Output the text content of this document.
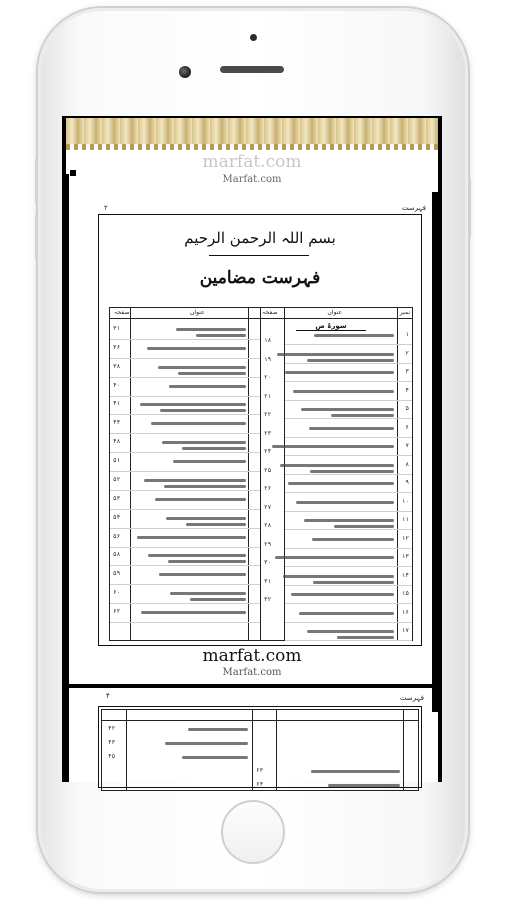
marfat.com
Marfat.com
فہرست
۲
بسم اللہ الرحمن الرحیم
فہرست مضامین
نمبر
عنوان
صفحہ
عنوان
صفحہ
سورۃ ص
۱
۲
۳
۴
۵
۶
۷
۸
۹
۱۰
۱۱
۱۲
۱۳
۱۴
۱۵
۱۶
۱۷
۱۸
۱۹
۲۰
۲۱
۲۲
۲۳
۲۴
۲۵
۲۶
۲۷
۲۸
۲۹
۳۰
۳۱
۳۲
۳۱
۳۶
۳۸
۴۰
۴۱
۴۴
۴۸
۵۱
۵۲
۵۳
۵۴
۵۶
۵۸
۵۹
۶۰
۶۲
marfat.com
Marfat.com
فہرست
۴
۴۲
۴۳
۴۵
۶۳
۶۴
